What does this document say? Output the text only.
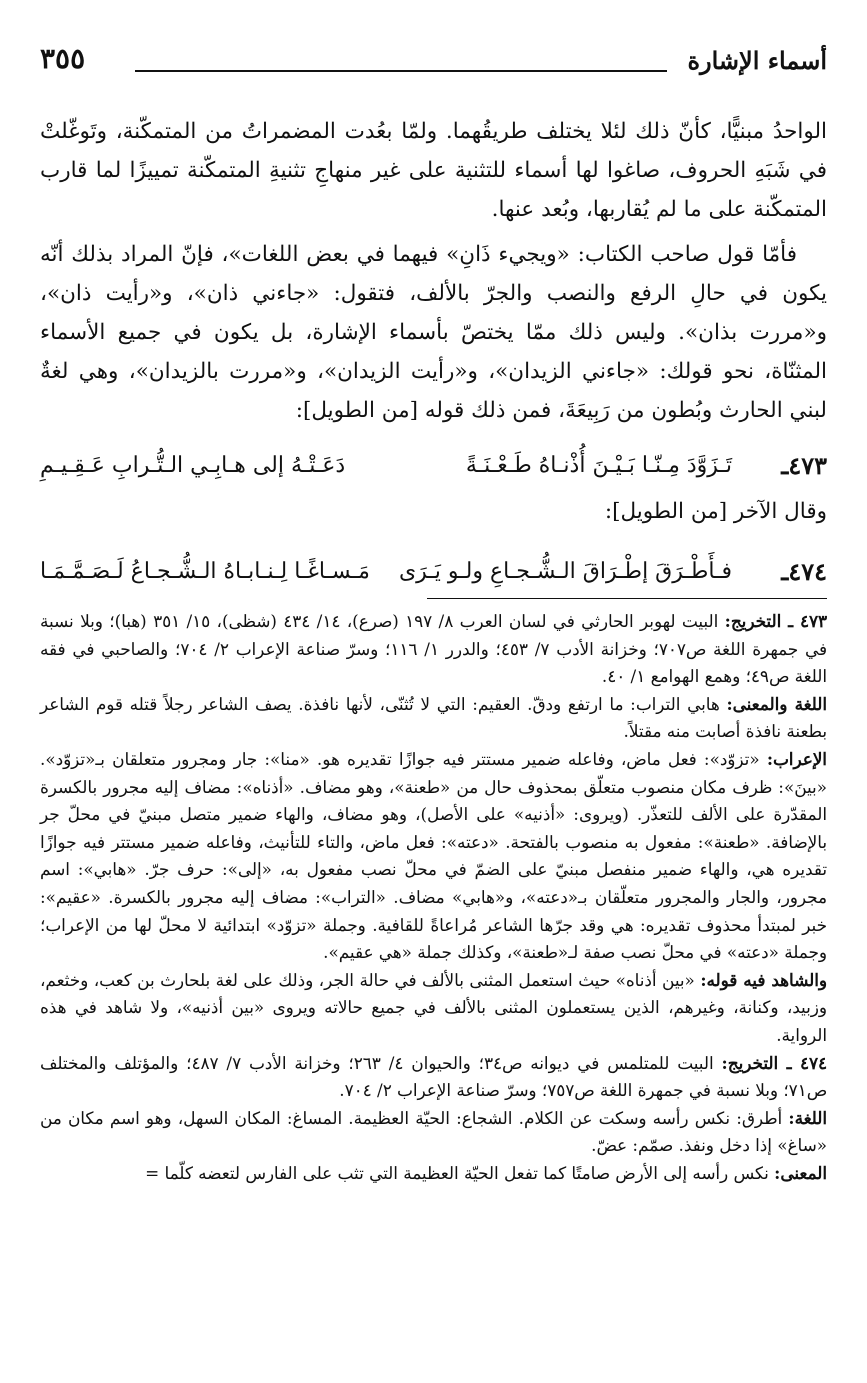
أسماء الإشارة
٣٥٥

الواحدُ مبنيًّا، كأنّ ذلك لئلا يختلف طريقُهما. ولمّا بعُدت المضمراتُ من المتمكّنة، وتَوغّلتْ في شَبَهِ الحروف، صاغوا لها أسماء للتثنية على غير منهاجِ تثنيةِ المتمكّنة تمييزًا لما قارب المتمكّنة على ما لم يُقاربها، وبُعد عنها.

فأمّا قول صاحب الكتاب: «ويجيء ذَانِ» فيهما في بعض اللغات»، فإنّ المراد بذلك أنّه يكون في حالِ الرفع والنصب والجرّ بالألف، فتقول: «جاءني ذان»، و«رأيت ذان»، و«مررت بذان». وليس ذلك ممّا يختصّ بأسماء الإشارة، بل يكون في جميع الأسماء المثنّاة، نحو قولك: «جاءني الزيدان»، و«رأيت الزيدان»، و«مررت بالزيدان»، وهي لغةٌ لبني الحارث وبُطون من رَبِيعَةَ، فمن ذلك قوله [من الطويل]:

٤٧٣ـ
تَـزَوَّدَ مِـنّـا بَـيْـنَ أُذْنـاهُ طَـعْـنَـةً
دَعَـتْـهُ إلى هـابِـي الـتُّـرابِ عَـقِـيـمِ

وقال الآخر [من الطويل]:

٤٧٤ـ
فـأَطْـرَقَ إطْـرَاقَ الـشُّـجـاعِ ولـو يَـرَى
مَـسـاغًـا لِـنـابـاهُ الـشُّـجـاعُ لَـصَـمَّـمَـا

٤٧٣ ـ التخريج: البيت لهوبر الحارثي في لسان العرب ٨/ ١٩٧ (صرع)، ١٤/ ٤٣٤ (شظى)، ١٥/ ٣٥١ (هبا)؛ وبلا نسبة في جمهرة اللغة ص٧٠٧؛ وخزانة الأدب ٧/ ٤٥٣؛ والدرر ١/ ١١٦؛ وسرّ صناعة الإعراب ٢/ ٧٠٤؛ والصاحبي في فقه اللغة ص٤٩؛ وهمع الهوامع ١/ ٤٠.

اللغة والمعنى: هابي التراب: ما ارتفع ودقّ. العقيم: التي لا تُثنّى، لأنها نافذة. يصف الشاعر رجلاً قتله قوم الشاعر بطعنة نافذة أصابت منه مقتلاً.

الإعراب: «تزوّد»: فعل ماض، وفاعله ضمير مستتر فيه جوازًا تقديره هو. «منا»: جار ومجرور متعلقان بـ«تزوّد». «بينَ»: ظرف مكان منصوب متعلّق بمحذوف حال من «طعنة»، وهو مضاف. «أذناه»: مضاف إليه مجرور بالكسرة المقدّرة على الألف للتعذّر. (ويروى: «أذنيه» على الأصل)، وهو مضاف، والهاء ضمير متصل مبنيّ في محلّ جر بالإضافة. «طعنة»: مفعول به منصوب بالفتحة. «دعته»: فعل ماض، والتاء للتأنيث، وفاعله ضمير مستتر فيه جوازًا تقديره هي، والهاء ضمير منفصل مبنيّ على الضمّ في محلّ نصب مفعول به، «إلى»: حرف جرّ. «هابي»: اسم مجرور، والجار والمجرور متعلّقان بـ«دعته»، و«هابي» مضاف. «التراب»: مضاف إليه مجرور بالكسرة. «عقيم»: خبر لمبتدأ محذوف تقديره: هي وقد جرّها الشاعر مُراعاةً للقافية. وجملة «تزوّد» ابتدائية لا محلّ لها من الإعراب؛ وجملة «دعته» في محلّ نصب صفة لـ«طعنة»، وكذلك جملة «هي عقيم».

والشاهد فيه قوله: «بين أذناه» حيث استعمل المثنى بالألف في حالة الجر، وذلك على لغة بلحارث بن كعب، وخثعم، وزبيد، وكنانة، وغيرهم، الذين يستعملون المثنى بالألف في جميع حالاته ويروى «بين أذنيه»، ولا شاهد في هذه الرواية.

٤٧٤ ـ التخريج: البيت للمتلمس في ديوانه ص٣٤؛ والحيوان ٤/ ٢٦٣؛ وخزانة الأدب ٧/ ٤٨٧؛ والمؤتلف والمختلف ص٧١؛ وبلا نسبة في جمهرة اللغة ص٧٥٧؛ وسرّ صناعة الإعراب ٢/ ٧٠٤.

اللغة: أطرق: نكس رأسه وسكت عن الكلام. الشجاع: الحيّة العظيمة. المساغ: المكان السهل، وهو اسم مكان من «ساغ» إذا دخل ونفذ. صمّم: عضّ.

المعنى: نكس رأسه إلى الأرض صامتًا كما تفعل الحيّة العظيمة التي تثب على الفارس لتعضه كلّما =
